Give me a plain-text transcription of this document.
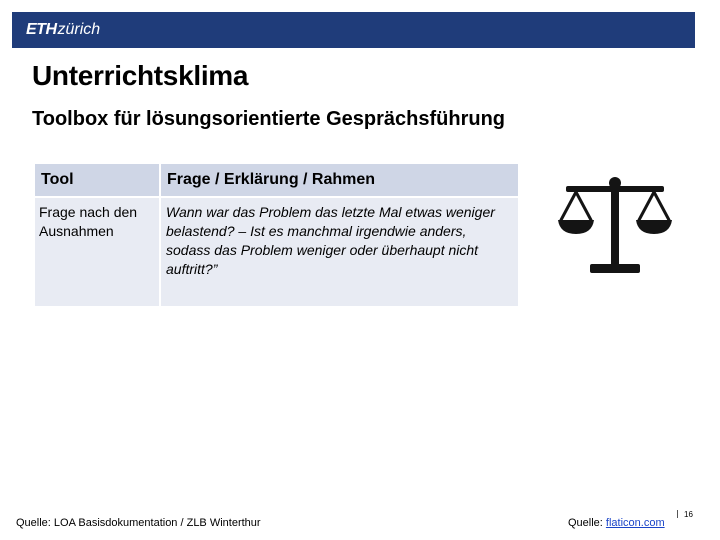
ETHzürich
Unterrichtsklima
Toolbox für lösungsorientierte Gesprächsführung
Tool	Frage / Erklärung / Rahmen

Frage nach den Ausnahmen	Wann war das Problem das letzte Mal etwas weniger belastend? – Ist es manchmal irgendwie anders, sodass das Problem weniger oder überhaupt nicht auftritt?”
Quelle: LOA Basisdokumentation / ZLB Winterthur	Quelle: flaticon.com
16
